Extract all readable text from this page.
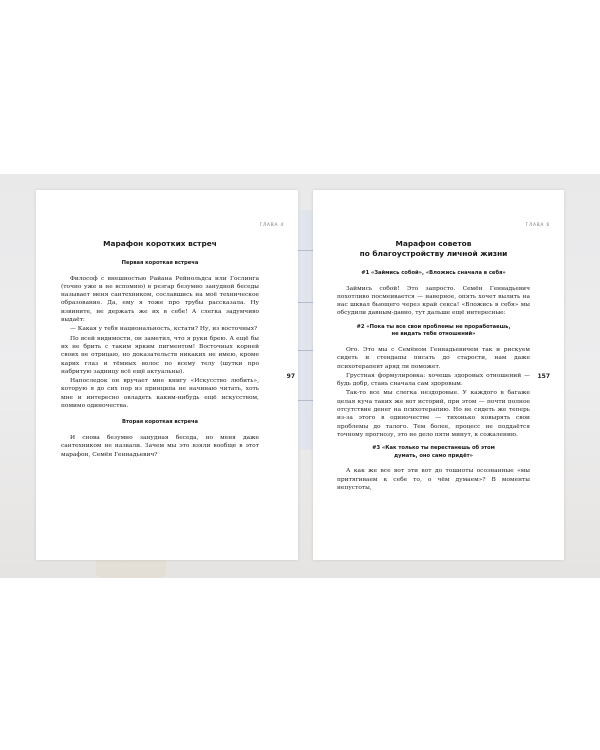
ГЛАВА 4
97
Марафон коротких встреч
Первая короткая встреча

Философ с внешностью Райана Рейнольдса или Гослинга (точно уже и не вспомню) в резгар безумно занудной беседы называет меня сантехником, сославшись на моё техническое образование. Да, ему я тоже про трубы рассказала. Ну извините, не держать же их в себе! А слегка задумчиво выдаёт:

— Какая у тебя национальность, кстати? Ну, из восточных?

По всей видимости, он заметил, что я руки брею. А ещё бы их не брить с таким ярким пигментом! Восточных корней своих не отрицаю, но доказательств никаких не имею, кроме карих глаз и тёмных волос по всему телу (шутки про набритую задницу всё ещё актуальны).

Напоследок он вручает мне книгу «Искусство любить», которую я до сих пор из принципа не начинаю читать, хоть мне и интересно овладеть каким-нибудь ещё искусством, помимо одиночества.

Вторая короткая встреча

И снова безумно занудная беседа, но меня даже сантехником не назвали. Зачем мы это взяли вообще в этот марафон, Семён Геннадьевич?

ГЛАВА 6
157
Марафон советов
по благоустройству личной жизни
#1 «Займись собой», «Вложись сначала в себя»

Займись собой! Это запросто. Семён Геннадьевич похотливо посмеивается — наверное, опять хочет вылить на нас шквал бьющего через край секса! «Вложись в себя» мы обсудили давным-давно, тут дальше ещё интересные:

#2 «Пока ты все свои проблемы не проработаешь,
не видать тебе отношений»

Ого. Это мы с Семёном Геннадьевичем так и рискуем сидеть и стендапы писать до старости, нам даже психотерапевт аряд ли поможет.

Грустная формулировка: хочешь здоровых отношений — будь добр, стань сначала сам здоровым.

Так-то все мы слегка нездоровые. У каждого в багаже целая куча таких же вот историй, при этом — почти полное отсутствие денег на психотерапию. Но не сидеть же теперь из-за этого в одиночестве — тихонько ковырять свои проблемы до талого. Тем более, процесс не поддаётся точному прогнозу, это не дело пяти минут, к сожалению.

#3 «Как только ты перестанешь об этом
думать, оно само придёт»

А как же все вот эти вот до тошноты осознанные «мы притягиваем к себе то, о чём думаем»? В моменты непустоты,
